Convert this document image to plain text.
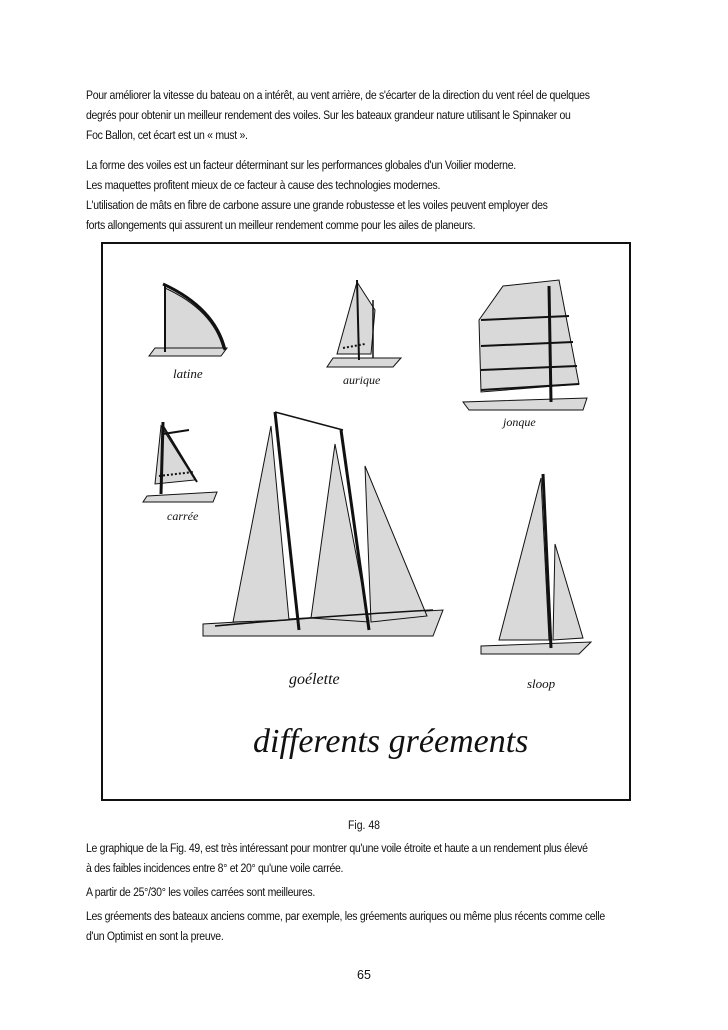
Pour améliorer la vitesse du bateau on a intérêt, au vent arrière, de s'écarter de la direction du vent réel de quelques
degrés pour obtenir un meilleur rendement des voiles. Sur les bateaux grandeur nature utilisant le Spinnaker ou
Foc Ballon, cet écart est un « must ».
La forme des voiles est un facteur déterminant sur les performances globales d'un Voilier moderne.
Les maquettes profitent mieux de ce facteur à cause des technologies modernes.
L'utilisation de mâts en fibre de carbone assure une grande robustesse et les voiles peuvent employer des
forts allongements qui assurent un meilleur rendement comme pour les ailes de planeurs.
latine	aurique
jonque
carrée
goélette	sloop
differents gréements
Fig. 48
Le graphique de la Fig. 49, est très intéressant pour montrer qu'une voile étroite et haute a un rendement plus élevé
à des faibles incidences entre 8° et 20° qu'une voile carrée.
A partir de 25°/30° les voiles carrées sont meilleures.
Les gréements des bateaux anciens comme, par exemple, les gréements auriques ou même plus récents comme celle
d'un Optimist en sont la preuve.
65
